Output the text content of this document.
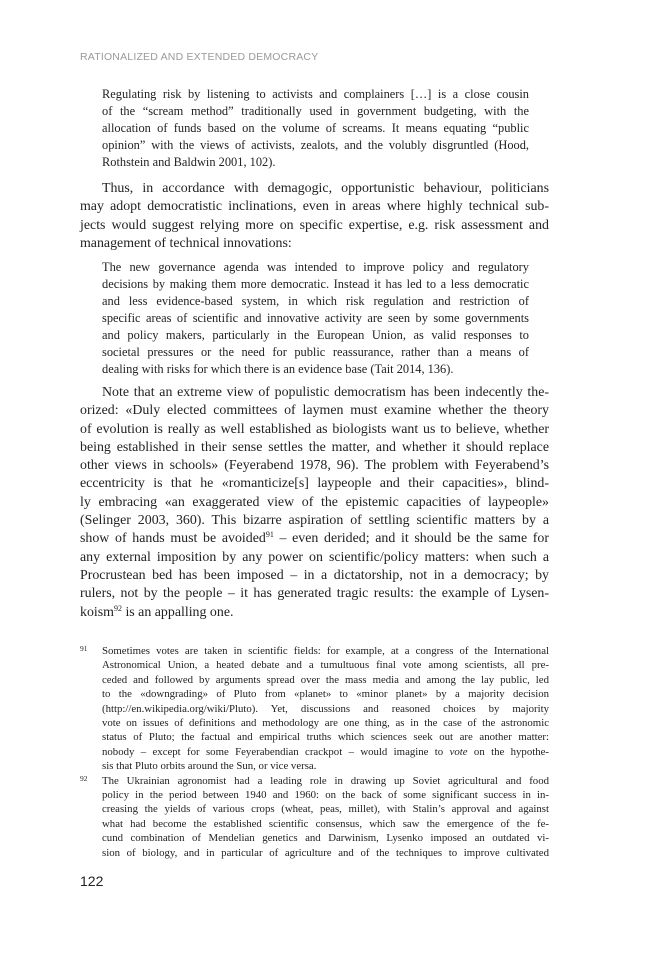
RATIONALIZED AND EXTENDED DEMOCRACY
Regulating risk by listening to activists and complainers […] is a close cousin
of the “scream method” traditionally used in government budgeting, with the
allocation of funds based on the volume of screams. It means equating “public
opinion” with the views of activists, zealots, and the volubly disgruntled (Hood,
Rothstein and Baldwin 2001, 102).
Thus, in accordance with demagogic, opportunistic behaviour, politicians
may adopt democratistic inclinations, even in areas where highly technical sub-
jects would suggest relying more on specific expertise, e.g. risk assessment and
management of technical innovations:
The new governance agenda was intended to improve policy and regulatory
decisions by making them more democratic. Instead it has led to a less democratic
and less evidence-based system, in which risk regulation and restriction of
specific areas of scientific and innovative activity are seen by some governments
and policy makers, particularly in the European Union, as valid responses to
societal pressures or the need for public reassurance, rather than a means of
dealing with risks for which there is an evidence base (Tait 2014, 136).
Note that an extreme view of populistic democratism has been indecently the-
orized: «Duly elected committees of laymen must examine whether the theory
of evolution is really as well established as biologists want us to believe, whether
being established in their sense settles the matter, and whether it should replace
other views in schools» (Feyerabend 1978, 96). The problem with Feyerabend’s
eccentricity is that he «romanticize[s] laypeople and their capacities», blind-
ly embracing «an exaggerated view of the epistemic capacities of laypeople»
(Selinger 2003, 360). This bizarre aspiration of settling scientific matters by a
show of hands must be avoided$^{91}$ – even derided; and it should be the same for
any external imposition by any power on scientific/policy matters: when such a
Procrustean bed has been imposed – in a dictatorship, not in a democracy; by
rulers, not by the people – it has generated tragic results: the example of Lysen-
koism$^{92}$ is an appalling one.
91 Sometimes votes are taken in scientific fields: for example, at a congress of the International
Astronomical Union, a heated debate and a tumultuous final vote among scientists, all pre-
ceded and followed by arguments spread over the mass media and among the lay public, led
to the «downgrading» of Pluto from «planet» to «minor planet» by a majority decision
(http://en.wikipedia.org/wiki/Pluto). Yet, discussions and reasoned choices by majority
vote on issues of definitions and methodology are one thing, as in the case of the astronomic
status of Pluto; the factual and empirical truths which sciences seek out are another matter:
nobody – except for some Feyerabendian crackpot – would imagine to vote on the hypothe-
sis that Pluto orbits around the Sun, or vice versa.
92 The Ukrainian agronomist had a leading role in drawing up Soviet agricultural and food
policy in the period between 1940 and 1960: on the back of some significant success in in-
creasing the yields of various crops (wheat, peas, millet), with Stalin’s approval and against
what had become the established scientific consensus, which saw the emergence of the fe-
cund combination of Mendelian genetics and Darwinism, Lysenko imposed an outdated vi-
sion of biology, and in particular of agriculture and of the techniques to improve cultivated
122
